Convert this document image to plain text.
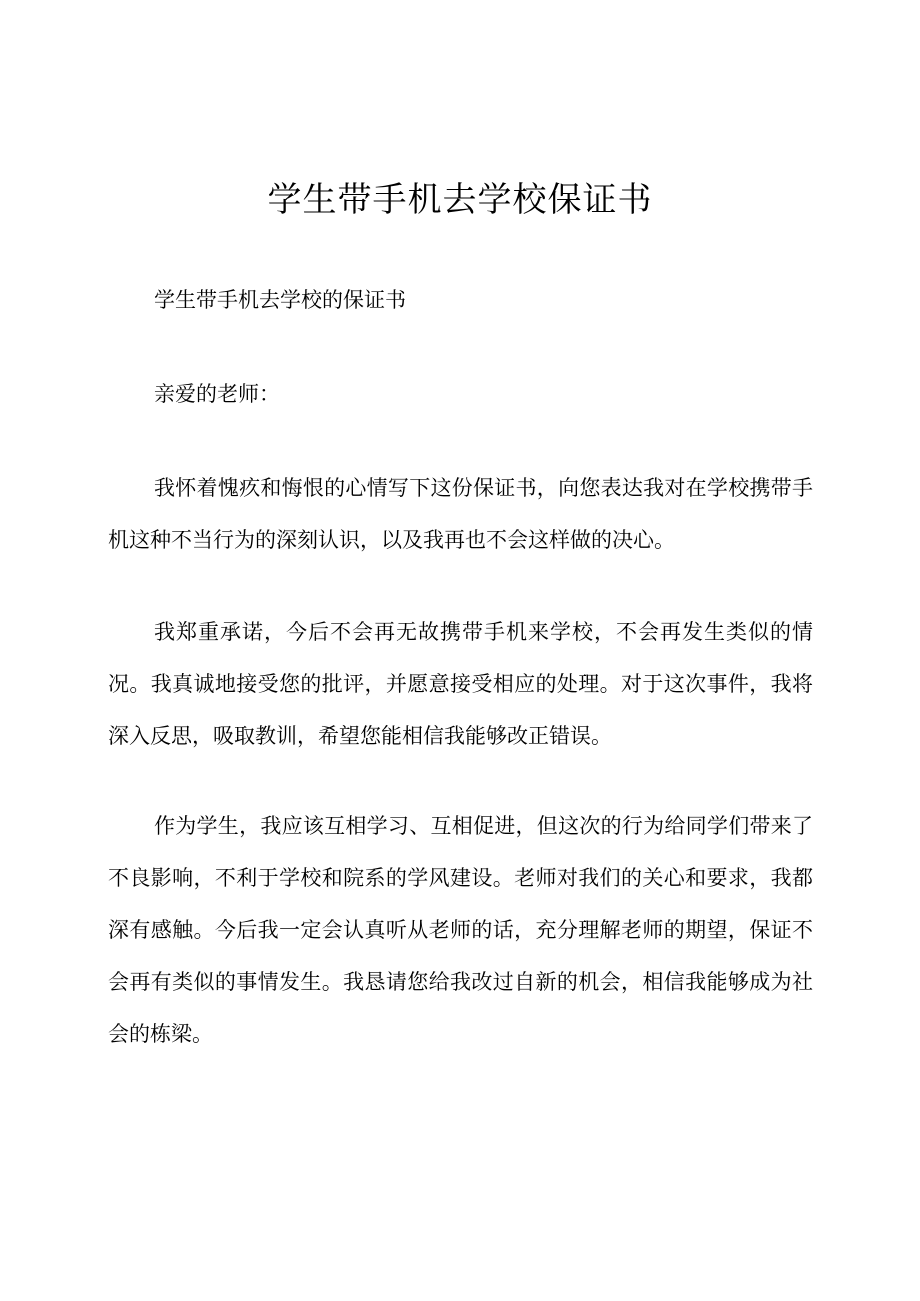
学生带手机去学校保证书

学生带手机去学校的保证书

亲爱的老师：

我怀着愧疚和悔恨的心情写下这份保证书，向您表达我对在学校携带手机这种不当行为的深刻认识，以及我再也不会这样做的决心。

我郑重承诺，今后不会再无故携带手机来学校，不会再发生类似的情况。我真诚地接受您的批评，并愿意接受相应的处理。对于这次事件，我将深入反思，吸取教训，希望您能相信我能够改正错误。

作为学生，我应该互相学习、互相促进，但这次的行为给同学们带来了不良影响，不利于学校和院系的学风建设。老师对我们的关心和要求，我都深有感触。今后我一定会认真听从老师的话，充分理解老师的期望，保证不会再有类似的事情发生。我恳请您给我改过自新的机会，相信我能够成为社会的栋梁。
